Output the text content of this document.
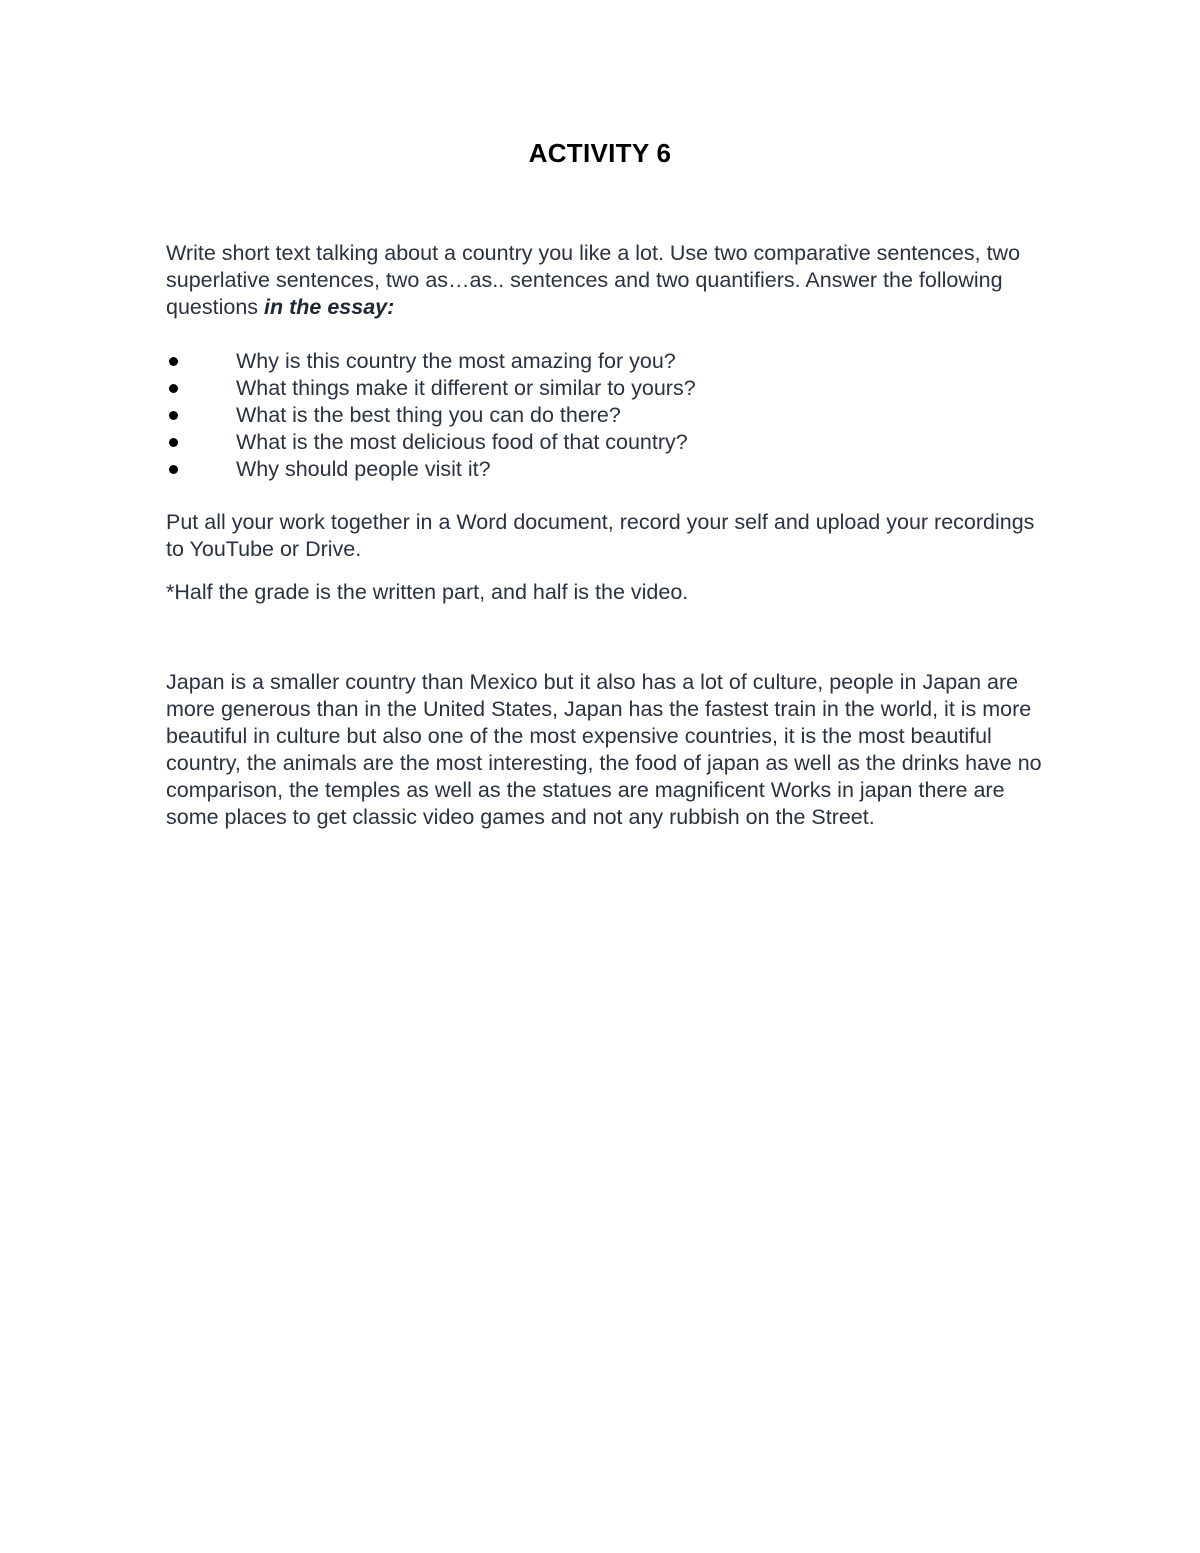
ACTIVITY 6

Write short text talking about a country you like a lot. Use two comparative sentences, two superlative sentences, two as…as.. sentences and two quantifiers. Answer the following questions in the essay:

Why is this country the most amazing for you?
What things make it different or similar to yours?
What is the best thing you can do there?
What is the most delicious food of that country?
Why should people visit it?

Put all your work together in a Word document, record your self and upload your recordings to YouTube or Drive.

*Half the grade is the written part, and half is the video.

Japan is a smaller country than Mexico but it also has a lot of culture, people in Japan are more generous than in the United States, Japan has the fastest train in the world, it is more beautiful in culture but also one of the most expensive countries, it is the most beautiful country, the animals are the most interesting, the food of japan as well as the drinks have no comparison, the temples as well as the statues are magnificent Works in japan there are some places to get classic video games and not any rubbish on the Street.
